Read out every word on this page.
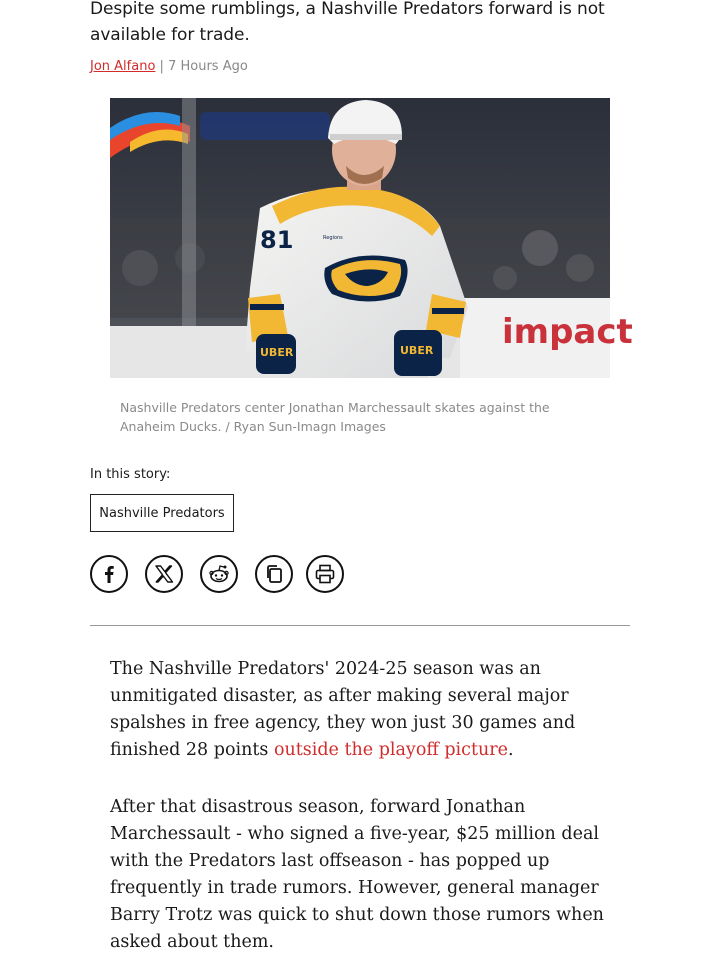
Despite some rumblings, a Nashville Predators forward is not available for trade.
Jon Alfano | 7 Hours Ago
impact
UBER	UBER
81	Regions
Nashville Predators center Jonathan Marchessault skates against the Anaheim Ducks. / Ryan Sun-Imagn Images
In this story:
Nashville Predators

The Nashville Predators' 2024-25 season was an unmitigated disaster, as after making several major spalshes in free agency, they won just 30 games and finished 28 points outside the playoff picture.

After that disastrous season, forward Jonathan Marchessault - who signed a five-year, $25 million deal with the Predators last offseason - has popped up frequently in trade rumors. However, general manager Barry Trotz was quick to shut down those rumors when asked about them.
